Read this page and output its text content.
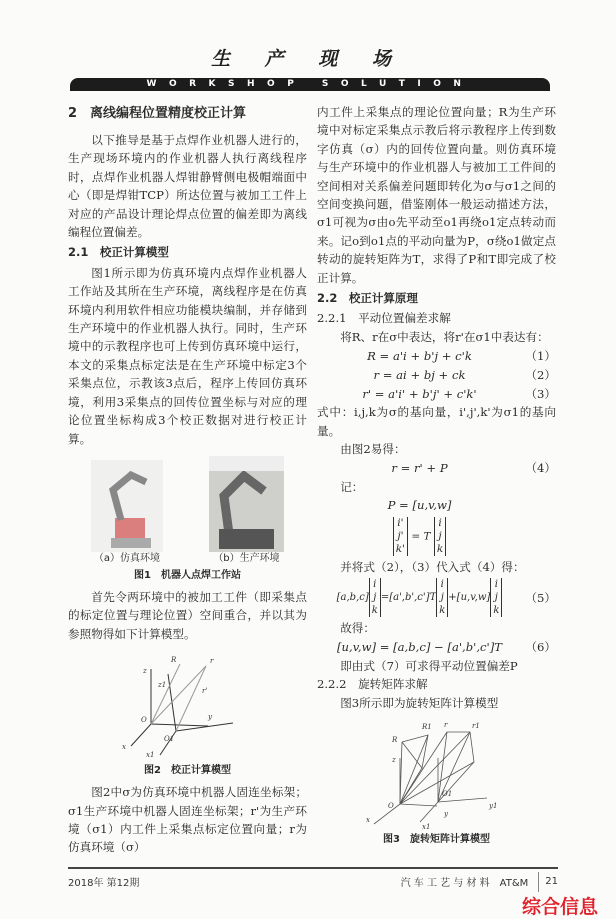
生 产 现 场
WORKSHOP SOLUTION
2　离线编程位置精度校正计算

以下推导是基于点焊作业机器人进行的，生产现场环境内的作业机器人执行离线程序时，点焊作业机器人焊钳静臂侧电极帽端面中心（即是焊钳TCP）所达位置与被加工工件上对应的产品设计理论焊点位置的偏差即为离线编程位置偏差。

2.1　校正计算模型

图1所示即为仿真环境内点焊作业机器人工作站及其所在生产环境，离线程序是在仿真环境内利用软件相应功能模块编制，并存储到生产环境中的作业机器人执行。同时，生产环境中的示教程序也可上传到仿真环境中运行，本文的采集点标定法是在生产环境中标定3个采集点位，示教该3点后，程序上传回仿真环境，利用3采集点的回传位置坐标与对应的理论位置坐标构成3个校正数据对进行校正计算。

（a）仿真环境	（b）生产环境
图1　机器人点焊工作站

首先令两环境中的被加工工件（即采集点的标定位置与理论位置）空间重合，并以其为参照物得如下计算模型。

z
R	r
r'
z1
O
O1
y
x
x1
图2　校正计算模型

图2中σ为仿真环境中机器人固连坐标架；σ1生产环境中机器人固连坐标架；r'为生产环境（σ1）内工件上采集点标定位置向量；r为仿真环境（σ）

内工件上采集点的理论位置向量；R为生产环境中对标定采集点示教后将示教程序上传到数字仿真（σ）内的回传位置向量。则仿真环境与生产环境中的作业机器人与被加工工件间的空间相对关系偏差问题即转化为σ与σ1之间的空间变换问题，借鉴刚体一般运动描述方法，σ1可视为σ由o先平动至o1再绕o1定点转动而来。记o到o1点的平动向量为P，σ绕o1做定点转动的旋转矩阵为T，求得了P和T即完成了校正计算。
2.2　校正计算原理
2.2.1　平动位置偏差求解
将R、r在σ中表达，将r'在σ1中表达有：
R = a'i + b'j + c'k	（1）
r = ai + bj + ck	（2）
r' = a'i' + b'j' + c'k'	（3）
式中：i,j,k为σ的基向量，i',j',k'为σ1的基向量。
由图2易得：
r = r' + P	（4）
记：
P = [u,v,w]
i'
j'
k' = T i
j
k
并将式（2），（3）代入式（4）得：
[a,b,c]i
j
k=[a',b',c']Ti
j
k+[u,v,w]i
j
k
（5）
故得：
[u,v,w] = [a,b,c] − [a',b',c']T	（6）
即由式（7）可求得平动位置偏差P
2.2.2　旋转矩阵求解
图3所示即为旋转矩阵计算模型
R
R1 r	r1
O
O1
z
x
y
x1
y1
图3　旋转矩阵计算模型
2018年 第12期	汽 车 工 艺 与 材 料　AT&M 21
综合信息
